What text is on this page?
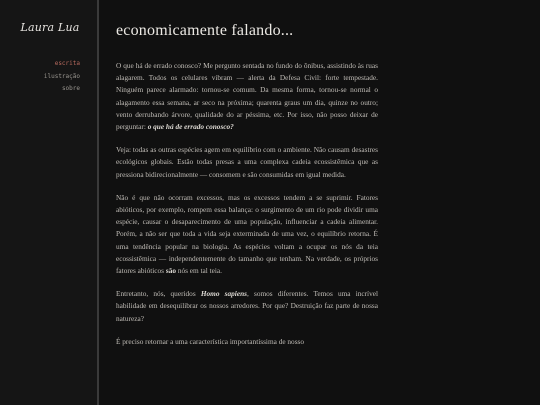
Laura Lua
escrita
ilustração
sobre
economicamente falando...

O que há de errado conosco? Me pergunto sentada no fundo do ônibus, assistindo às ruas alagarem. Todos os celulares vibram — alerta da Defesa Civil: forte tempestade. Ninguém parece alarmado: tornou-se comum. Da mesma forma, tornou-se normal o alagamento essa semana, ar seco na próxima; quarenta graus um dia, quinze no outro; vento derrubando árvore, qualidade do ar péssima, etc. Por isso, não posso deixar de perguntar: o que há de errado conosco?

Veja: todas as outras espécies agem em equilíbrio com o ambiente. Não causam desastres ecológicos globais. Estão todas presas a uma complexa cadeia ecossistêmica que as pressiona bidirecionalmente — consomem e são consumidas em igual medida.

Não é que não ocorram excessos, mas os excessos tendem a se suprimir. Fatores abióticos, por exemplo, rompem essa balança: o surgimento de um rio pode dividir uma espécie, causar o desaparecimento de uma população, influenciar a cadeia alimentar. Porém, a não ser que toda a vida seja exterminada de uma vez, o equilíbrio retorna. É uma tendência popular na biologia. As espécies voltam a ocupar os nós da teia ecossistêmica — independentemente do tamanho que tenham. Na verdade, os próprios fatores abióticos são nós em tal teia.

Entretanto, nós, queridos Homo sapiens, somos diferentes. Temos uma incrível habilidade em desequilibrar os nossos arredores. Por que? Destruição faz parte de nossa natureza?

É preciso retornar a uma característica importantíssima de nosso
